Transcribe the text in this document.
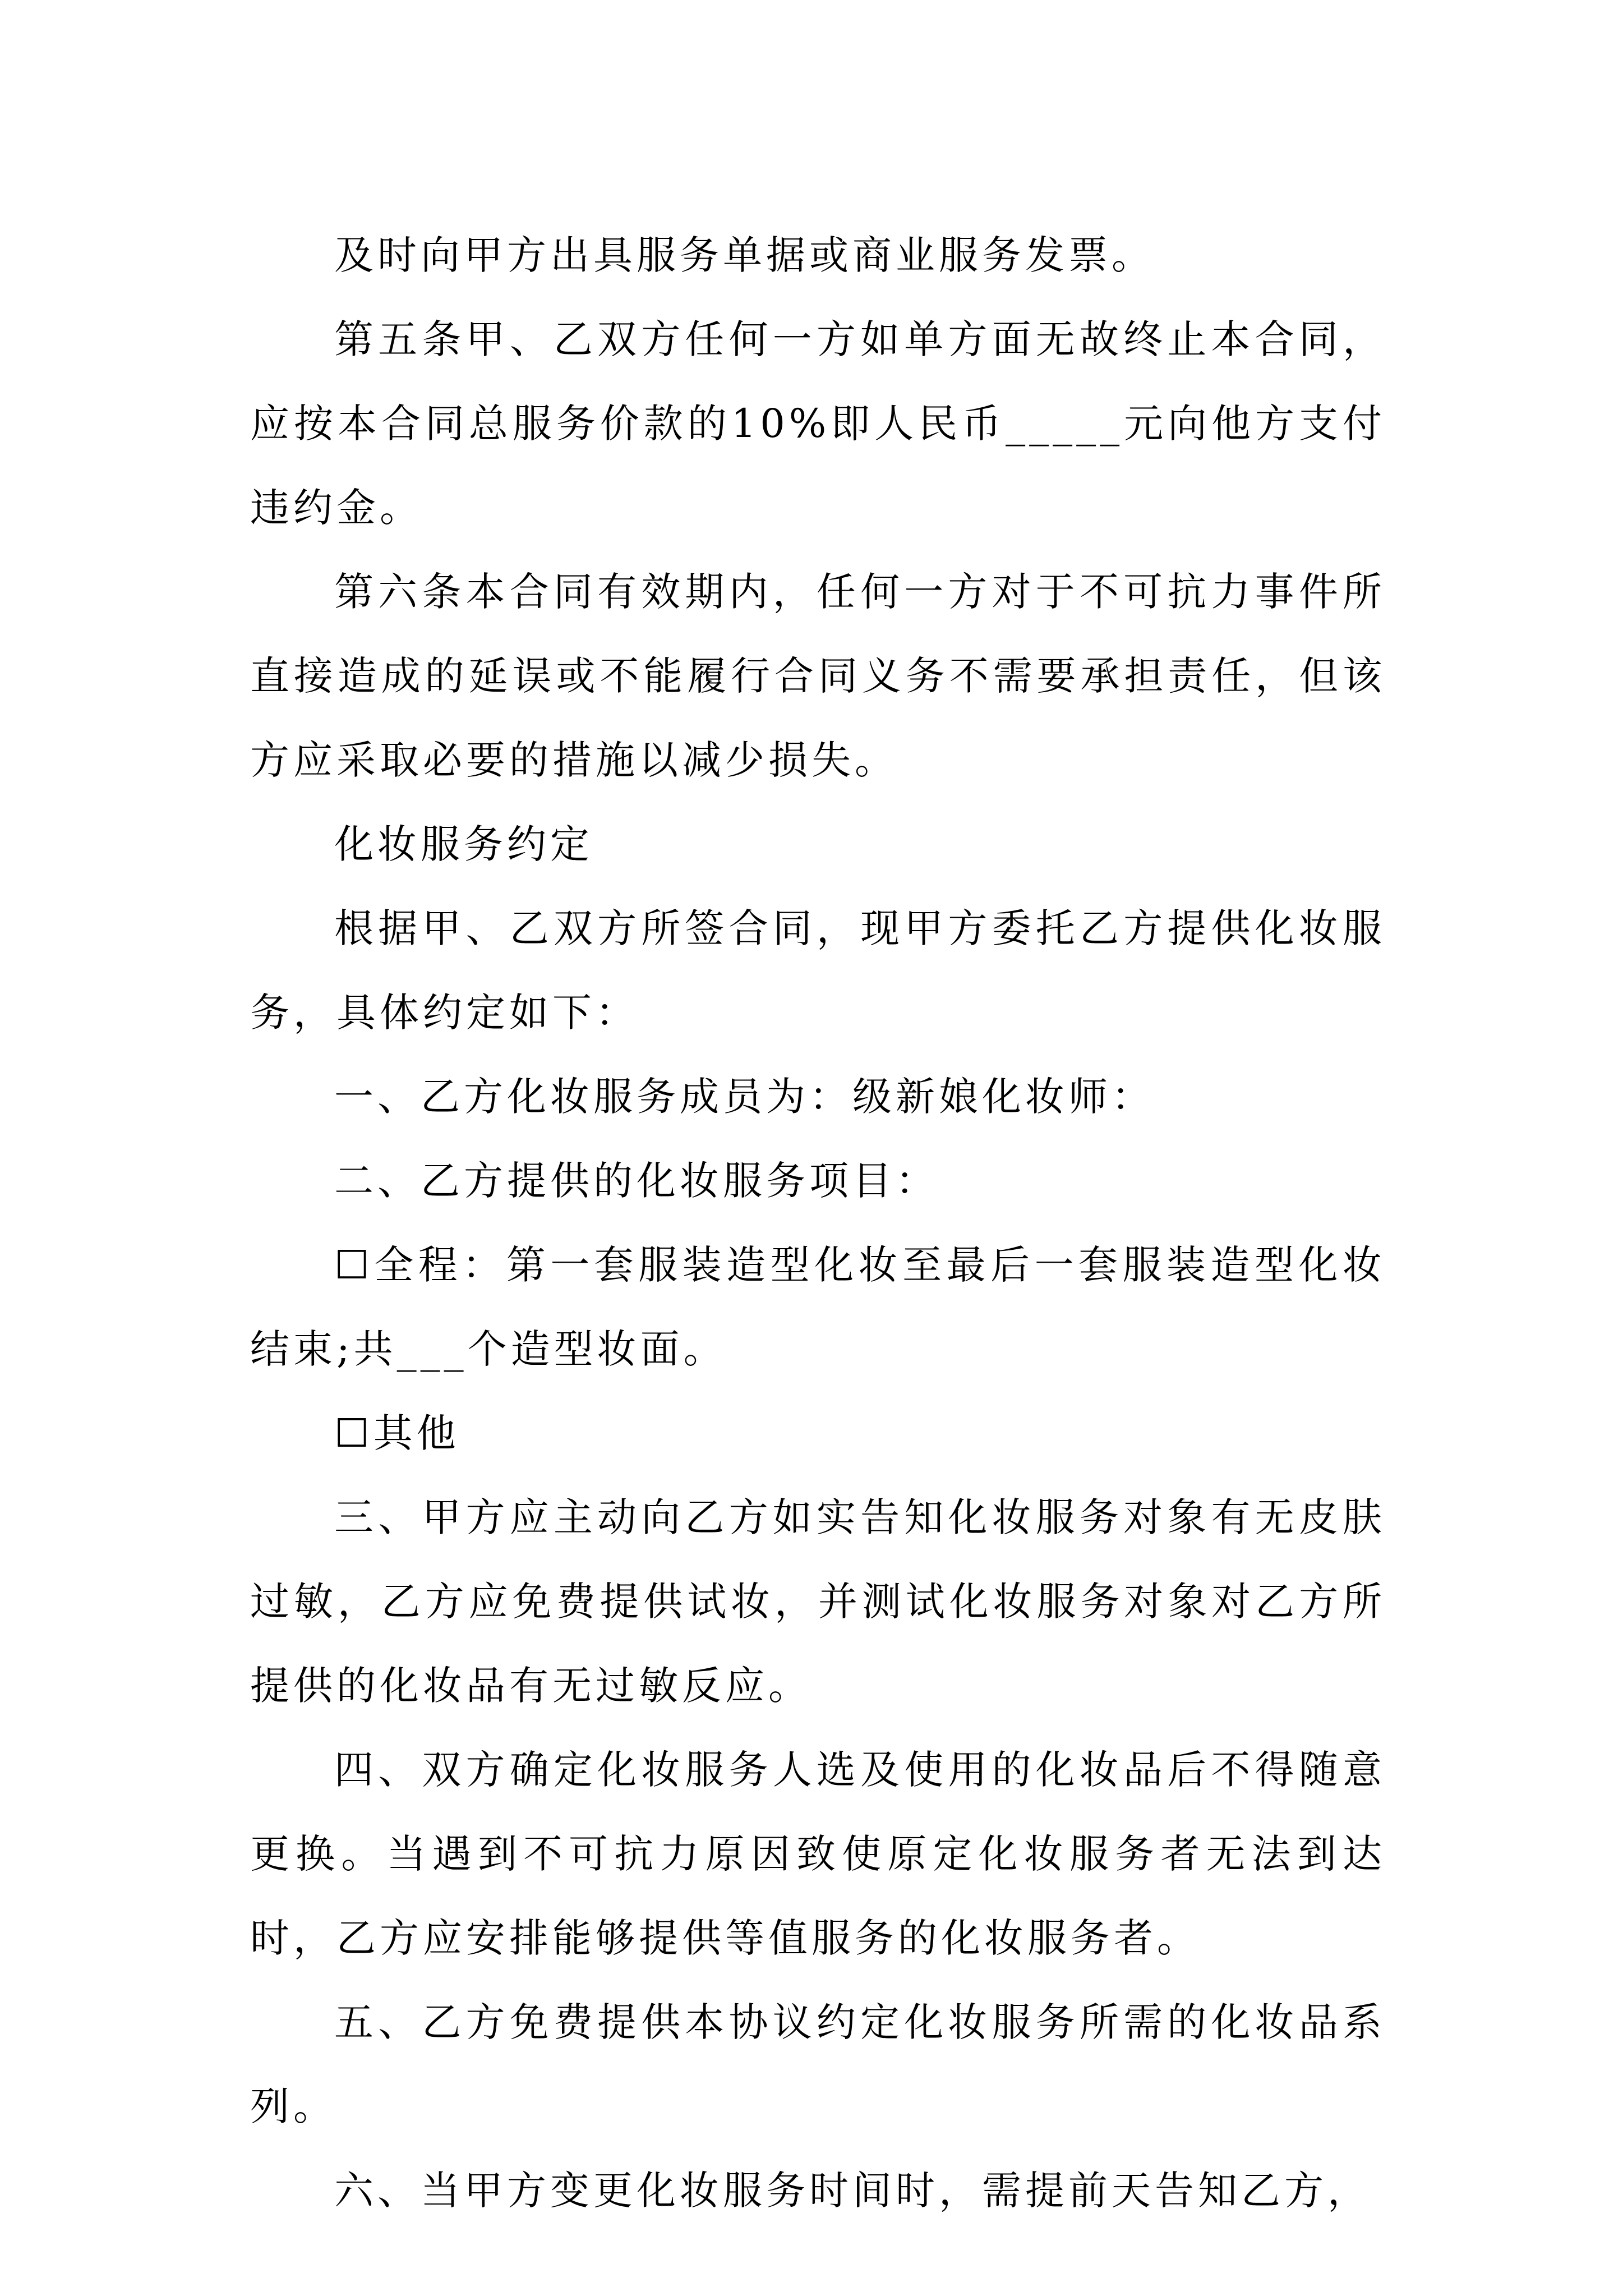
及时向甲方出具服务单据或商业服务发票。

第五条甲、乙双方任何一方如单方面无故终止本合同，应按本合同总服务价款的10%即人民币_____元向他方支付违约金。

第六条本合同有效期内，任何一方对于不可抗力事件所直接造成的延误或不能履行合同义务不需要承担责任，但该方应采取必要的措施以减少损失。

化妆服务约定

根据甲、乙双方所签合同，现甲方委托乙方提供化妆服务，具体约定如下：

一、乙方化妆服务成员为：级新娘化妆师：

二、乙方提供的化妆服务项目：

☐全程：第一套服装造型化妆至最后一套服装造型化妆结束;共___个造型妆面。

☐其他

三、甲方应主动向乙方如实告知化妆服务对象有无皮肤过敏，乙方应免费提供试妆，并测试化妆服务对象对乙方所提供的化妆品有无过敏反应。

四、双方确定化妆服务人选及使用的化妆品后不得随意更换。当遇到不可抗力原因致使原定化妆服务者无法到达时，乙方应安排能够提供等值服务的化妆服务者。

五、乙方免费提供本协议约定化妆服务所需的化妆品系列。

六、当甲方变更化妆服务时间时，需提前天告知乙方，
